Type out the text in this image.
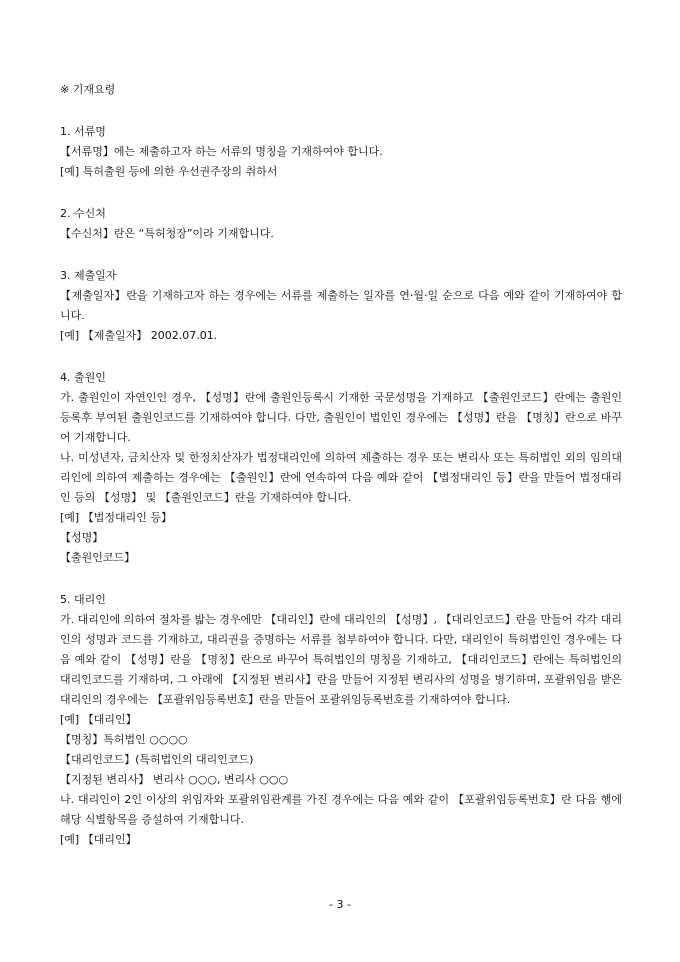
※ 기재요령

1. 서류명

【서류명】에는 제출하고자 하는 서류의 명칭을 기재하여야 합니다.

[예] 특허출원 등에 의한 우선권주장의 취하서

2. 수신처

【수신처】란은 “특허청장”이라 기재합니다.

3. 제출일자

【제출일자】란을 기재하고자 하는 경우에는 서류를 제출하는 일자를 연·월·일 순으로 다음 예와 같이 기재하여야 합니다.

[예] 【제출일자】 2002.07.01.

4. 출원인

가. 출원인이 자연인인 경우, 【성명】란에 출원인등록시 기재한 국문성명을 기재하고 【출원인코드】란에는 출원인등록후 부여된 출원인코드를 기재하여야 합니다. 다만, 출원인이 법인인 경우에는 【성명】란을 【명칭】란으로 바꾸어 기재합니다.

나. 미성년자, 금치산자 및 한정치산자가 법정대리인에 의하여 제출하는 경우 또는 변리사 또는 특허법인 외의 임의대리인에 의하여 제출하는 경우에는 【출원인】란에 연속하여 다음 예와 같이 【법정대리인 등】란을 만들어 법정대리인 등의 【성명】 및 【출원인코드】란을 기재하여야 합니다.

[예] 【법정대리인 등】

【성명】

【출원인코드】

5. 대리인

가. 대리인에 의하여 절차를 밟는 경우에만 【대리인】란에 대리인의 【성명】, 【대리인코드】란을 만들어 각각 대리인의 성명과 코드를 기재하고, 대리권을 증명하는 서류를 첨부하여야 합니다. 다만, 대리인이 특허법인인 경우에는 다음 예와 같이 【성명】란을 【명칭】란으로 바꾸어 특허법인의 명칭을 기재하고, 【대리인코드】란에는 특허법인의 대리인코드를 기재하며, 그 아래에 【지정된 변리사】란을 만들어 지정된 변리사의 성명을 병기하며, 포괄위임을 받은 대리인의 경우에는 【포괄위임등록번호】란을 만들어 포괄위임등록번호를 기재하여야 합니다.

[예] 【대리인】

【명칭】특허법인 ○○○○

【대리인코드】(특허법인의 대리인코드)

【지정된 변리사】 변리사 ○○○, 변리사 ○○○

나. 대리인이 2인 이상의 위임자와 포괄위임관계를 가진 경우에는 다음 예와 같이 【포괄위임등록번호】란 다음 행에 해당 식별항목을 증설하여 기재합니다.

[예] 【대리인】

- 3 -
